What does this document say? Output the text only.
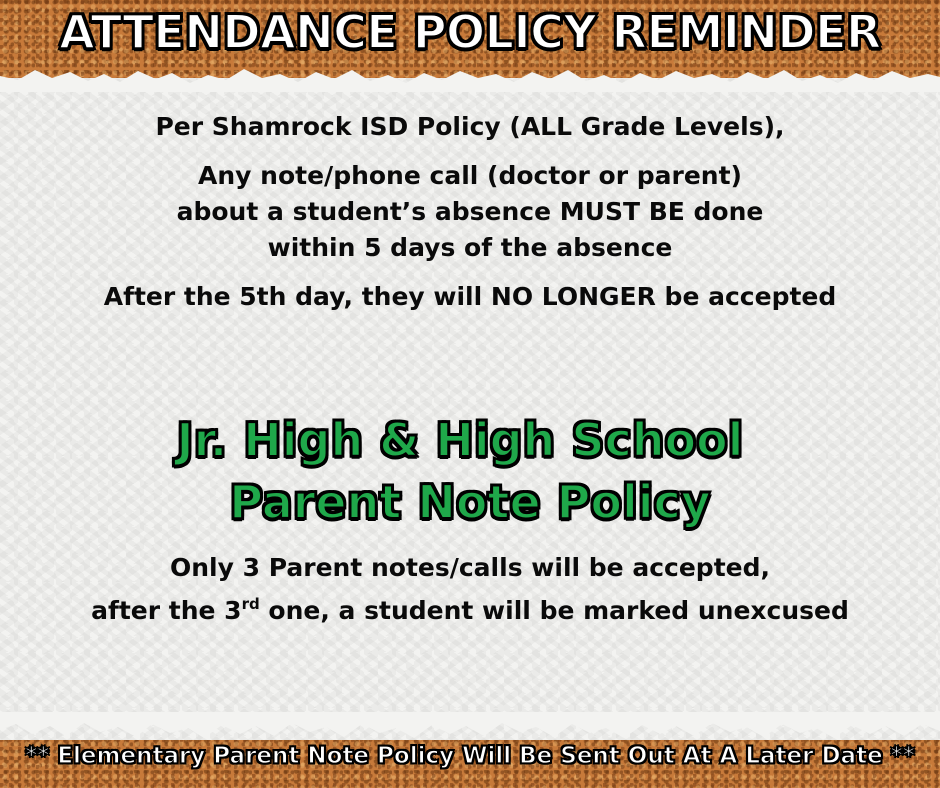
ATTENDANCE POLICY REMINDER
Per Shamrock ISD Policy (ALL Grade Levels),
Any note/phone call (doctor or parent)
about a student’s absence MUST BE done
within 5 days of the absence
After the 5th day, they will NO LONGER be accepted
Jr. High & High School
Parent Note Policy
Only 3 Parent notes/calls will be accepted,
after the 3rd one, a student will be marked unexcused
** Elementary Parent Note Policy Will Be Sent Out At A Later Date **
